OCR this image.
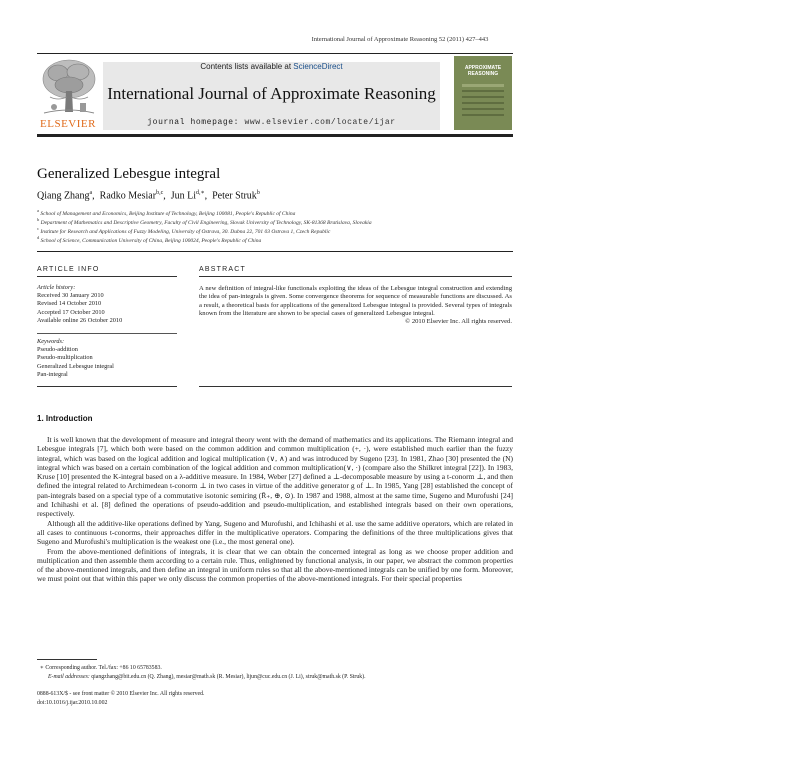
International Journal of Approximate Reasoning 52 (2011) 427–443
Contents lists available at ScienceDirect
International Journal of Approximate Reasoning
journal homepage: www.elsevier.com/locate/ijar
ELSEVIER
APPROXIMATE
REASONING
Generalized Lebesgue integral
Qiang Zhang$^a$,  Radko Mesiar$^{b,c}$,  Jun $Li^{d,∗}$,  Peter Struk$^b$
$^a$ School of Management and Economics, Beijing Institute of Technology, Beijing 100081, People's Republic of China
$^b$ Department of Mathematics and Descriptive Geometry, Faculty of Civil Engineering, Slovak University of Technology, SK-81368 Bratislava, Slovakia
$^c$ Institute for Research and Applications of Fuzzy Modeling, University of Ostrava, 30. Dubna 22, 701 03 Ostrava 1, Czech Republic
$^d$ School of Science, Communication University of China, Beijing 100024, People's Republic of China
ARTICLE INFO
Article history:
Received 30 January 2010
Revised 14 October 2010
Accepted 17 October 2010
Available online 26 October 2010
Keywords:
Pseudo-addition
Pseudo-multiplication
Generalized Lebesgue integral
Pan-integral
ABSTRACT
A new definition of integral-like functionals exploiting the ideas of the Lebesgue integral construction and extending the idea of pan-integrals is given. Some convergence theorems for sequence of measurable functions are discussed. As a result, a theoretical basis for applications of the generalized Lebesgue integral is provided. Several types of integrals known from the literature are shown to be special cases of generalized Lebesgue integral.
© 2010 Elsevier Inc. All rights reserved.
1. Introduction

It is well known that the development of measure and integral theory went with the demand of mathematics and its applications. The Riemann integral and Lebesgue integrals [7], which both were based on the common addition and common multiplication (+, ·), were established much earlier than the fuzzy integral, which was based on the logical addition and logical multiplication (∨, ∧) and was introduced by Sugeno [23]. In 1981, Zhao [30] presented the (N) integral which was based on a certain combination of the logical addition and common multiplication(∨, ·) (compare also the Shilkret integral [22]). In 1983, Kruse [10] presented the K-integral based on a λ-additive measure. In 1984, Weber [27] defined a ⊥-decomposable measure by using a t-conorm ⊥, and then defined the integral related to Archimedean t-conorm ⊥ in two cases in virtue of the additive generator g of ⊥. In 1985, Yang [28] established the concept of pan-integrals based on a special type of a commutative isotonic semiring (R̄₊, ⊕, ⊙). In 1987 and 1988, almost at the same time, Sugeno and Murofushi [24] and Ichihashi et al. [8] defined the operations of pseudo-addition and pseudo-multiplication, and established integrals based on their own operations, respectively.

Although all the additive-like operations defined by Yang, Sugeno and Murofushi, and Ichihashi et al. use the same additive operators, which are related in all cases to continuous t-conorms, their approaches differ in the multiplicative operators. Comparing the definitions of the three multiplications gives that Sugeno and Murofushi's multiplication is the weakest one (i.e., the most general one).

From the above-mentioned definitions of integrals, it is clear that we can obtain the concerned integral as long as we choose proper addition and multiplication and then assemble them according to a certain rule. Thus, enlightened by functional analysis, in our paper, we abstract the common properties of the above-mentioned integrals, and then define an integral in uniform rules so that all the above-mentioned integrals can be unified by one form. Moreover, we must point out that within this paper we only discuss the common properties of the above-mentioned integrals. For their special properties

∗ Corresponding author. Tel./fax: +86 10 65783583.
E-mail addresses: qiangzhang@bit.edu.cn (Q. Zhang), mesiar@math.sk (R. Mesiar), lijun@cuc.edu.cn (J. Li), struk@math.sk (P. Struk).
0888-613X/$ - see front matter © 2010 Elsevier Inc. All rights reserved.
doi:10.1016/j.ijar.2010.10.002
